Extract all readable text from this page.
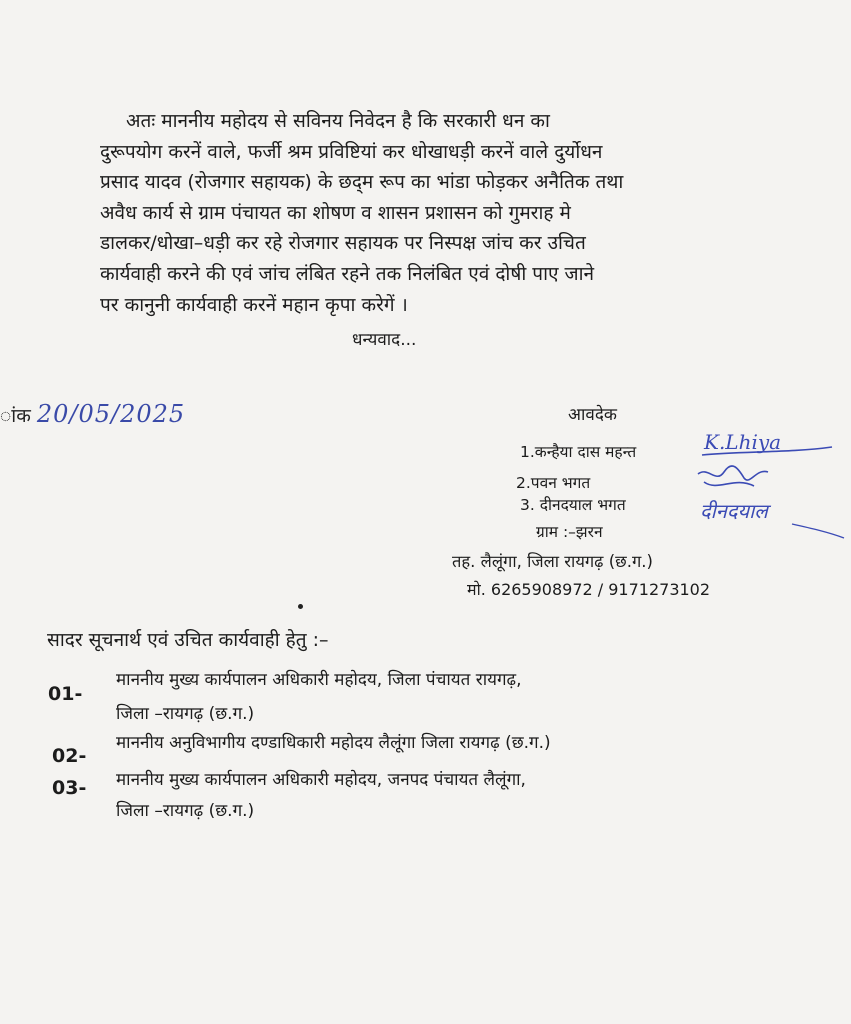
अतः माननीय महोदय से सविनय निवेदन है कि सरकारी धन का
दुरूपयोग करनें वाले, फर्जी श्रम प्रविष्टियां कर धोखाधड़ी करनें वाले दुर्योधन
प्रसाद यादव (रोजगार सहायक) के छद्‌म रूप का भांडा फोड़कर अनैतिक तथा
अवैध कार्य से ग्राम पंचायत का शोषण व शासन प्रशासन को गुमराह मे
डालकर/धोखा–धड़ी कर रहे रोजगार सहायक पर निस्पक्ष जांच कर उचित
कार्यवाही करने की एवं जांच लंबित रहने तक निलंबित एवं दोषी पाए जाने
पर कानुनी कार्यवाही करनें महान कृपा करेगें ।

धन्यवाद...

ांक 20/05/2025	आवदेक

1.कन्हैया दास महन्त

2.पवन भगत

3. दीनदयाल भगत

ग्राम :–झरन

तह. लैलूंगा, जिला रायगढ़ (छ.ग.)

मो. 6265908972 / 9171273102

K.Lhiya
दीनदयाल

सादर सूचनार्थ एवं उचित कार्यवाही हेतु :–

01-

माननीय मुख्य कार्यपालन अधिकारी महोदय, जिला पंचायत रायगढ़,

जिला –रायगढ़ (छ.ग.)

02-

माननीय अनुविभागीय दण्डाधिकारी महोदय लैलूंगा जिला रायगढ़ (छ.ग.)

03- माननीय मुख्य कार्यपालन अधिकारी महोदय, जनपद पंचायत लैलूंगा,

जिला –रायगढ़ (छ.ग.)
